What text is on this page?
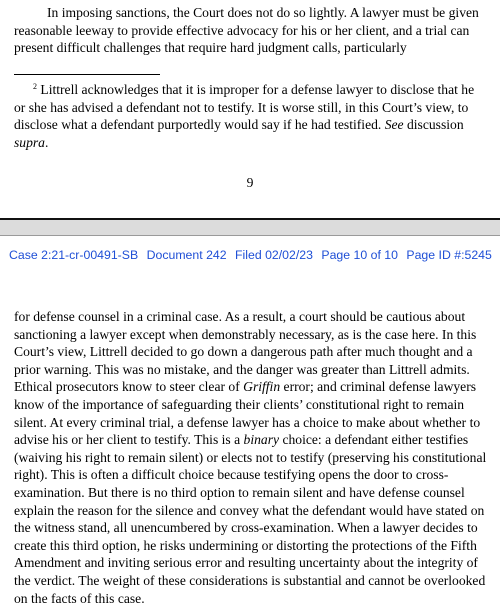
In imposing sanctions, the Court does not do so lightly. A lawyer must be given reasonable leeway to provide effective advocacy for his or her client, and a trial can present difficult challenges that require hard judgment calls, particularly
$^2$ Littrell acknowledges that it is improper for a defense lawyer to disclose that he or she has advised a defendant not to testify. It is worse still, in this Court’s view, to disclose what a defendant purportedly would say if he had testified. See discussion supra.
9
Case 2:21-cr-00491-SB Document 242 Filed 02/02/23 Page 10 of 10 Page ID #:5245
for defense counsel in a criminal case. As a result, a court should be cautious about sanctioning a lawyer except when demonstrably necessary, as is the case here. In this Court’s view, Littrell decided to go down a dangerous path after much thought and a prior warning. This was no mistake, and the danger was greater than Littrell admits. Ethical prosecutors know to steer clear of Griffin error; and criminal defense lawyers know of the importance of safeguarding their clients’ constitutional right to remain silent. At every criminal trial, a defense lawyer has a choice to make about whether to advise his or her client to testify. This is a binary choice: a defendant either testifies (waiving his right to remain silent) or elects not to testify (preserving his constitutional right). This is often a difficult choice because testifying opens the door to cross-examination. But there is no third option to remain silent and have defense counsel explain the reason for the silence and convey what the defendant would have stated on the witness stand, all unencumbered by cross-examination. When a lawyer decides to create this third option, he risks undermining or distorting the protections of the Fifth Amendment and inviting serious error and resulting uncertainty about the integrity of the verdict. The weight of these considerations is substantial and cannot be overlooked on the facts of this case.
